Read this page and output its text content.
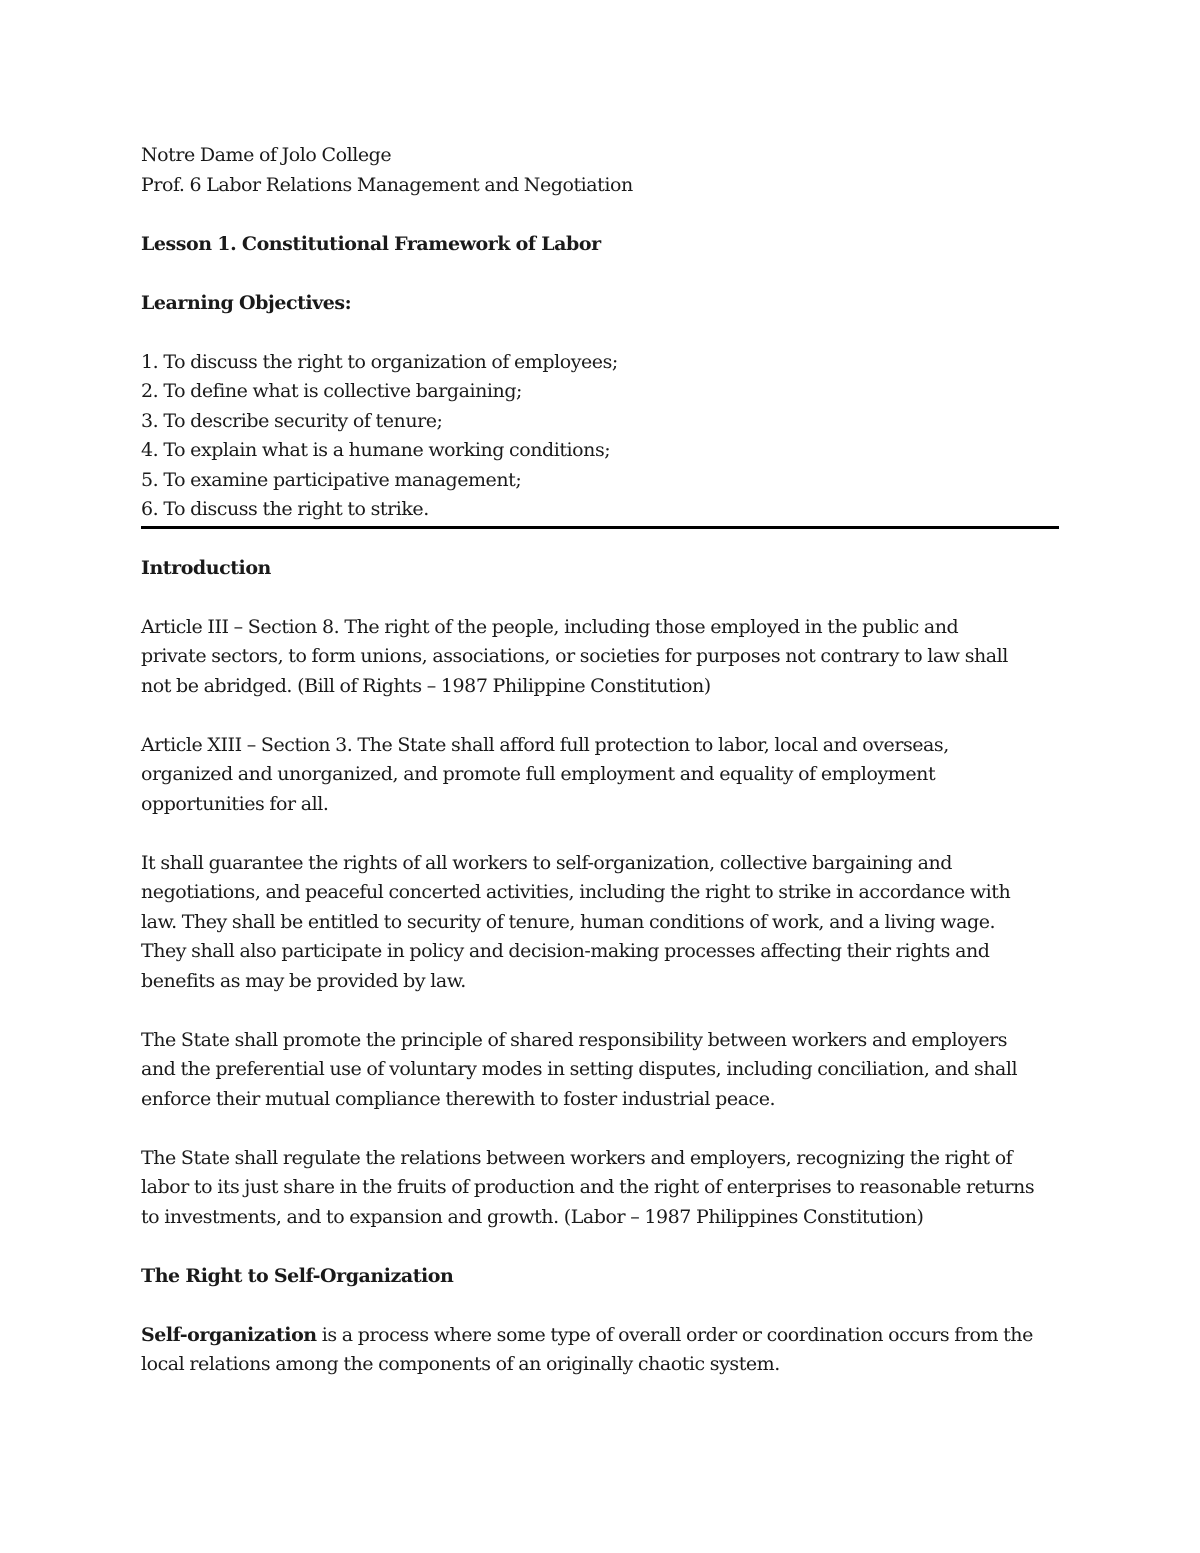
Notre Dame of Jolo College
Prof. 6 Labor Relations Management and Negotiation
Lesson 1. Constitutional Framework of Labor
Learning Objectives:
1. To discuss the right to organization of employees;
2. To define what is collective bargaining;
3. To describe security of tenure;
4. To explain what is a humane working conditions;
5. To examine participative management;
6. To discuss the right to strike.
Introduction

Article III – Section 8. The right of the people, including those employed in the public and
private sectors, to form unions, associations, or societies for purposes not contrary to law shall
not be abridged. (Bill of Rights – 1987 Philippine Constitution)

Article XIII – Section 3. The State shall afford full protection to labor, local and overseas,
organized and unorganized, and promote full employment and equality of employment
opportunities for all.

It shall guarantee the rights of all workers to self-organization, collective bargaining and
negotiations, and peaceful concerted activities, including the right to strike in accordance with
law. They shall be entitled to security of tenure, human conditions of work, and a living wage.
They shall also participate in policy and decision-making processes affecting their rights and
benefits as may be provided by law.

The State shall promote the principle of shared responsibility between workers and employers
and the preferential use of voluntary modes in setting disputes, including conciliation, and shall
enforce their mutual compliance therewith to foster industrial peace.

The State shall regulate the relations between workers and employers, recognizing the right of
labor to its just share in the fruits of production and the right of enterprises to reasonable returns
to investments, and to expansion and growth. (Labor – 1987 Philippines Constitution)

The Right to Self-Organization

Self-organization is a process where some type of overall order or coordination occurs from the
local relations among the components of an originally chaotic system.
